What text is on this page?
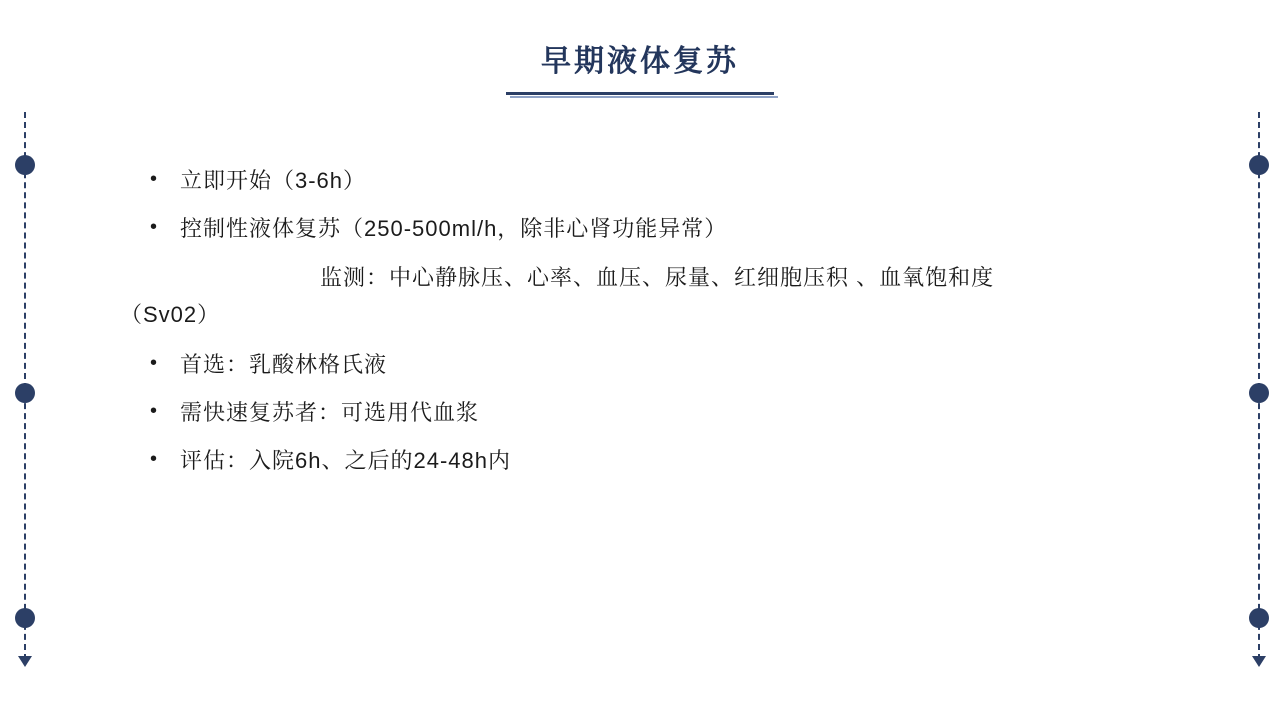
早期液体复苏
• 立即开始（3-6h）
• 控制性液体复苏（250-500ml/h，除非心肾功能异常）
监测：中心静脉压、心率、血压、尿量、红细胞压积 、血氧饱和度
（Sv02）
• 首选：乳酸林格氏液
• 需快速复苏者：可选用代血浆
• 评估：入院6h、之后的24-48h内
